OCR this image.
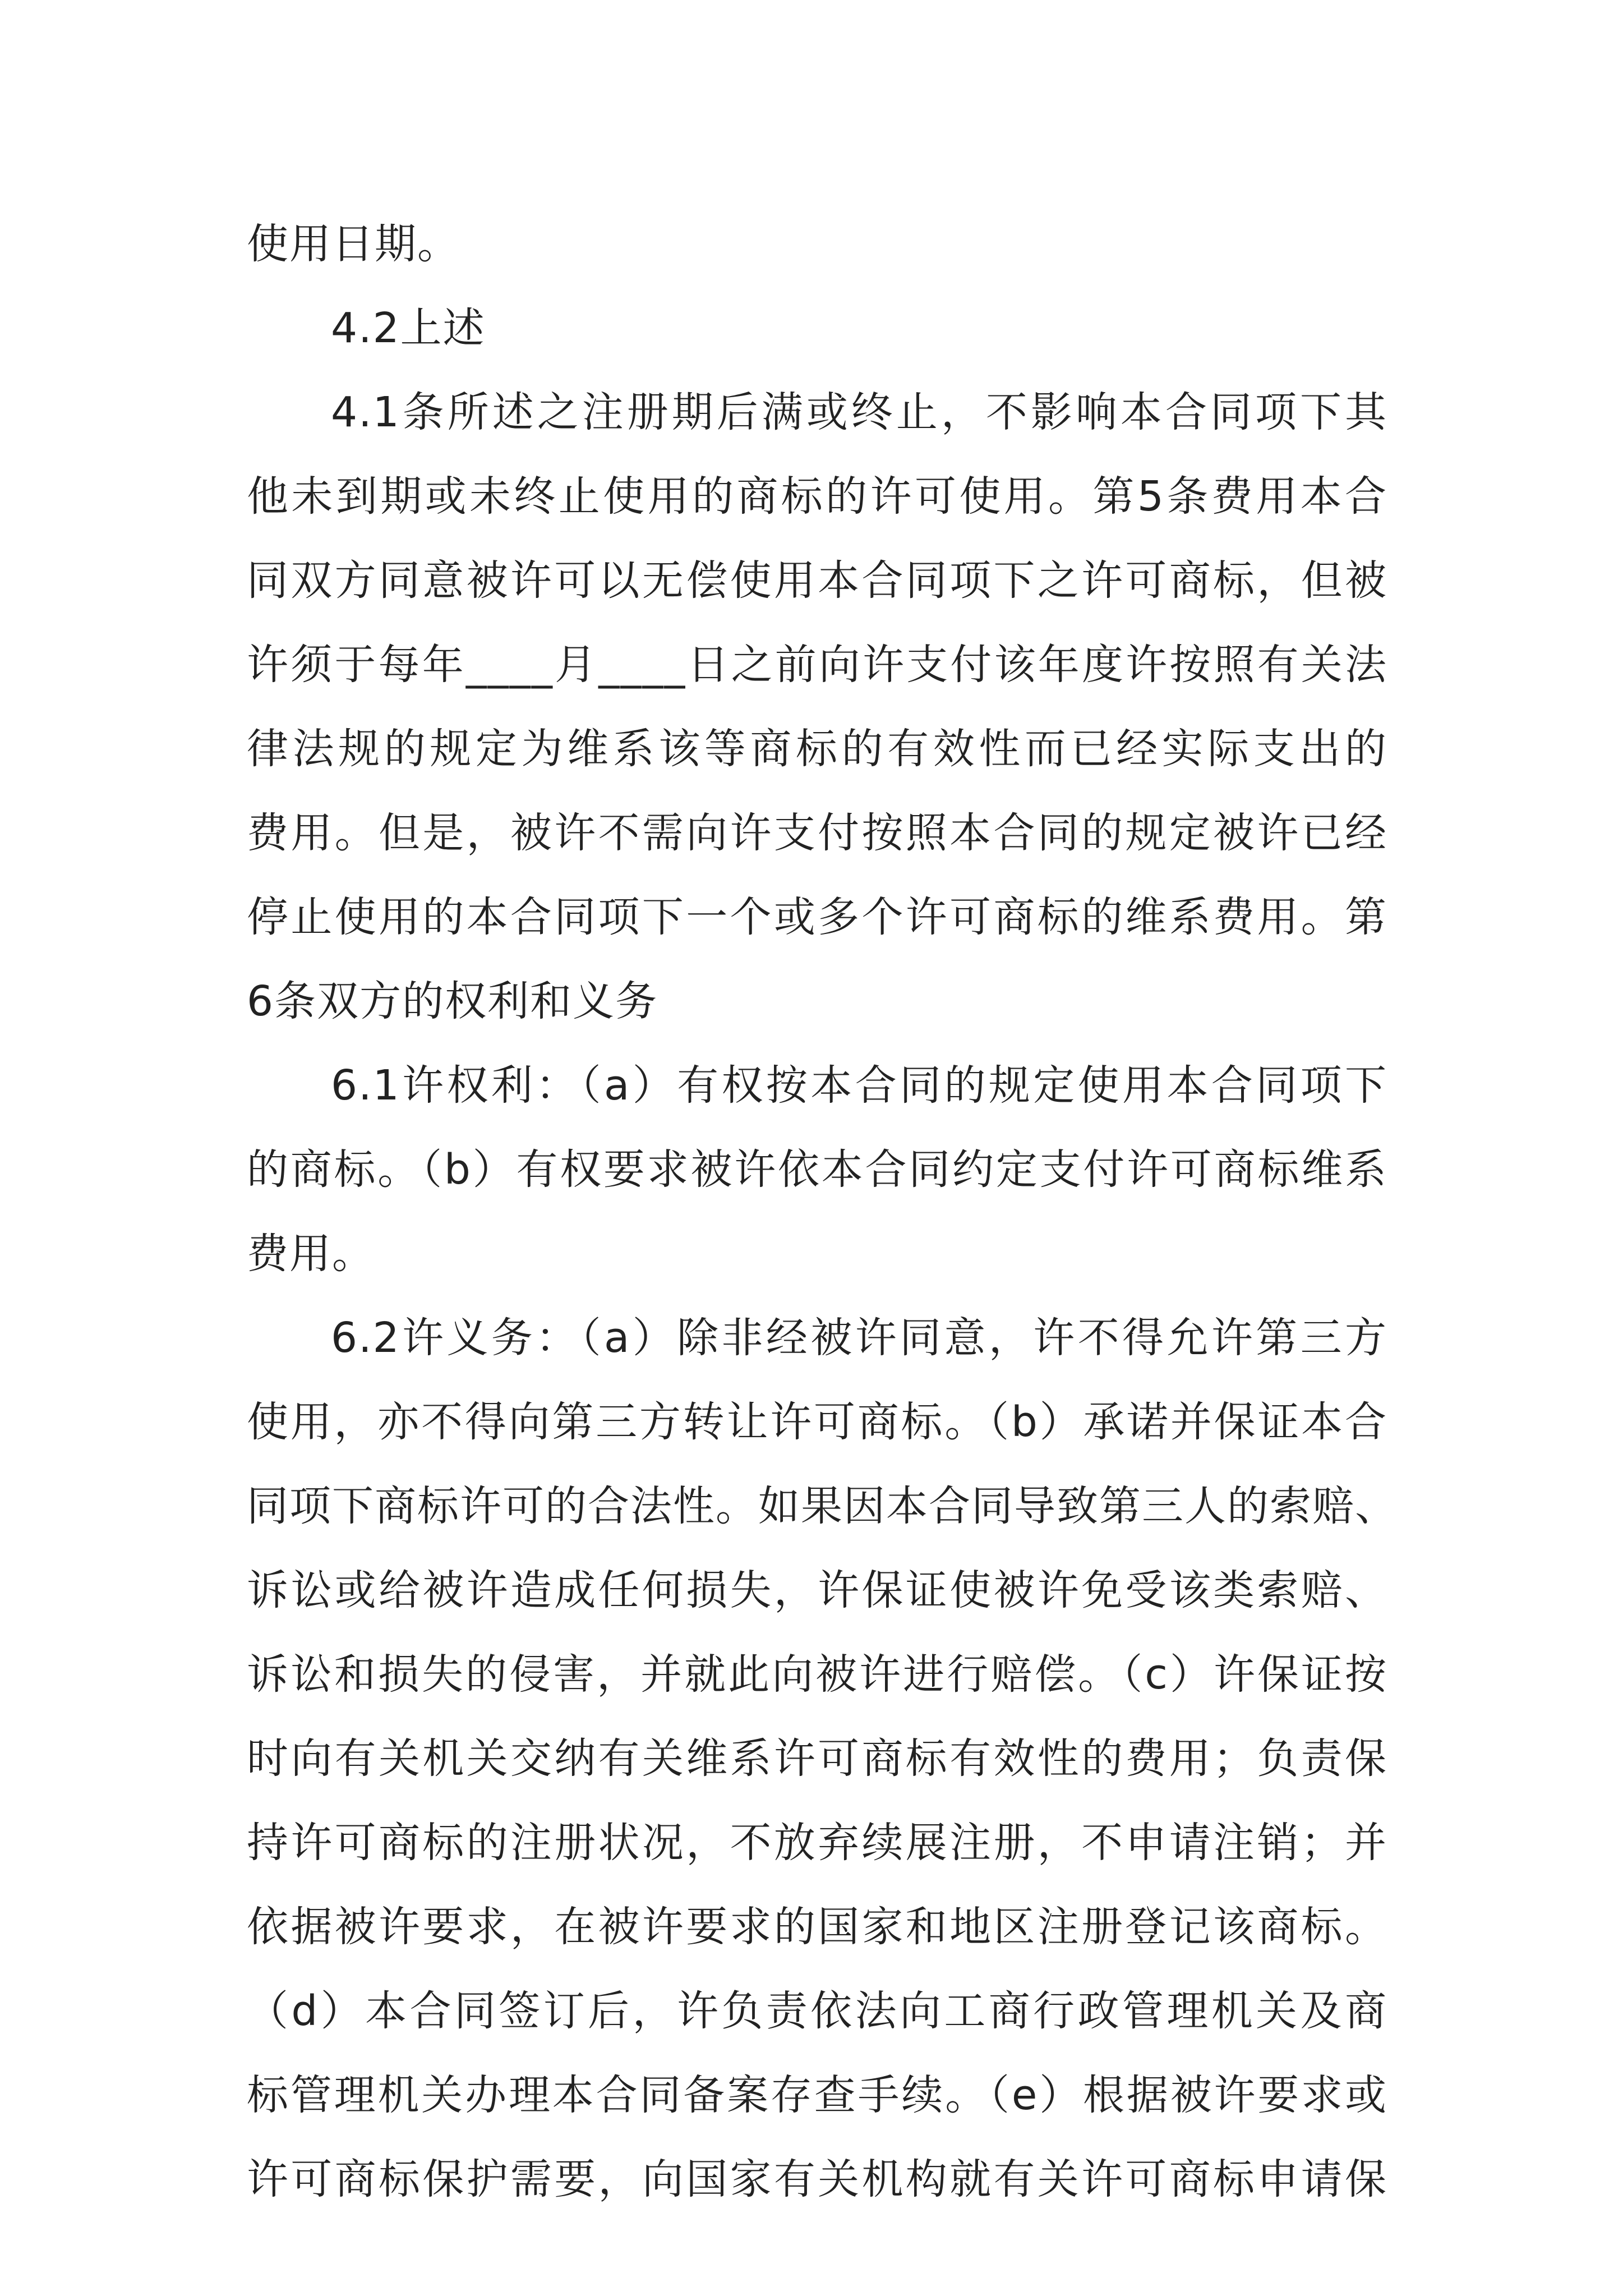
使用日期。
4.2上述
4.1条所述之注册期后满或终止，不影响本合同项下其
他未到期或未终止使用的商标的许可使用。第5条费用本合
同双方同意被许可以无偿使用本合同项下之许可商标，但被
许须于每年____月____日之前向许支付该年度许按照有关法
律法规的规定为维系该等商标的有效性而已经实际支出的
费用。但是，被许不需向许支付按照本合同的规定被许已经
停止使用的本合同项下一个或多个许可商标的维系费用。第
6条双方的权利和义务
6.1许权利：（a）有权按本合同的规定使用本合同项下
的商标。（b）有权要求被许依本合同约定支付许可商标维系
费用。
6.2许义务：（a）除非经被许同意，许不得允许第三方
使用，亦不得向第三方转让许可商标。（b）承诺并保证本合
同项下商标许可的合法性。如果因本合同导致第三人的索赔、
诉讼或给被许造成任何损失，许保证使被许免受该类索赔、
诉讼和损失的侵害，并就此向被许进行赔偿。（c）许保证按
时向有关机关交纳有关维系许可商标有效性的费用；负责保
持许可商标的注册状况，不放弃续展注册，不申请注销；并
依据被许要求，在被许要求的国家和地区注册登记该商标。
（d）本合同签订后，许负责依法向工商行政管理机关及商
标管理机关办理本合同备案存查手续。（e）根据被许要求或
许可商标保护需要，向国家有关机构就有关许可商标申请保
